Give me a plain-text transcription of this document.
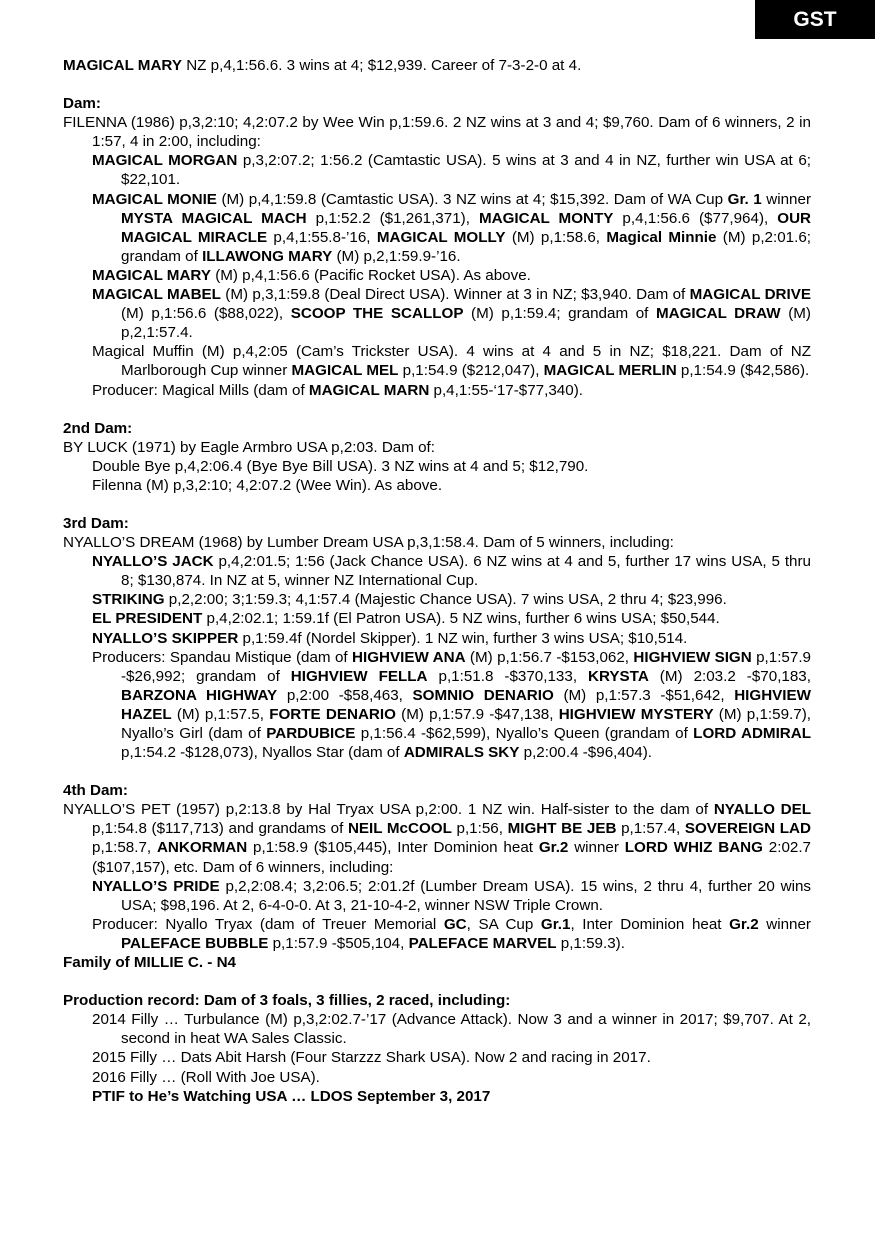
GST

MAGICAL MARY NZ p,4,1:56.6. 3 wins at 4; $12,939. Career of 7-3-2-0 at 4.

Dam:

FILENNA (1986) p,3,2:10; 4,2:07.2 by Wee Win p,1:59.6. 2 NZ wins at 3 and 4; $9,760. Dam of 6 winners, 2 in 1:57, 4 in 2:00, including:

MAGICAL MORGAN p,3,2:07.2; 1:56.2 (Camtastic USA). 5 wins at 3 and 4 in NZ, further win USA at 6; $22,101.

MAGICAL MONIE (M) p,4,1:59.8 (Camtastic USA). 3 NZ wins at 4; $15,392. Dam of WA Cup Gr. 1 winner MYSTA MAGICAL MACH p,1:52.2 ($1,261,371), MAGICAL MONTY p,4,1:56.6 ($77,964), OUR MAGICAL MIRACLE p,4,1:55.8-’16, MAGICAL MOLLY (M) p,1:58.6, Magical Minnie (M) p,2:01.6; grandam of ILLAWONG MARY (M) p,2,1:59.9-’16.

MAGICAL MARY (M) p,4,1:56.6 (Pacific Rocket USA). As above.

MAGICAL MABEL (M) p,3,1:59.8 (Deal Direct USA). Winner at 3 in NZ; $3,940. Dam of MAGICAL DRIVE (M) p,1:56.6 ($88,022), SCOOP THE SCALLOP (M) p,1:59.4; grandam of MAGICAL DRAW (M) p,2,1:57.4.

Magical Muffin (M) p,4,2:05 (Cam’s Trickster USA). 4 wins at 4 and 5 in NZ; $18,221. Dam of NZ Marlborough Cup winner MAGICAL MEL p,1:54.9 ($212,047), MAGICAL MERLIN p,1:54.9 ($42,586).

Producer: Magical Mills (dam of MAGICAL MARN p,4,1:55-‘17-$77,340).

2nd Dam:

BY LUCK (1971) by Eagle Armbro USA p,2:03. Dam of:

Double Bye p,4,2:06.4 (Bye Bye Bill USA). 3 NZ wins at 4 and 5; $12,790.

Filenna (M) p,3,2:10; 4,2:07.2 (Wee Win). As above.

3rd Dam:

NYALLO’S DREAM (1968) by Lumber Dream USA p,3,1:58.4. Dam of 5 winners, including:

NYALLO’S JACK p,4,2:01.5; 1:56 (Jack Chance USA). 6 NZ wins at 4 and 5, further 17 wins USA, 5 thru 8; $130,874. In NZ at 5, winner NZ International Cup.

STRIKING p,2,2:00; 3;1:59.3; 4,1:57.4 (Majestic Chance USA). 7 wins USA, 2 thru 4; $23,996.

EL PRESIDENT p,4,2:02.1; 1:59.1f (El Patron USA). 5 NZ wins, further 6 wins USA; $50,544.

NYALLO’S SKIPPER p,1:59.4f (Nordel Skipper). 1 NZ win, further 3 wins USA; $10,514.

Producers: Spandau Mistique (dam of HIGHVIEW ANA (M) p,1:56.7 -$153,062, HIGHVIEW SIGN p,1:57.9 -$26,992; grandam of HIGHVIEW FELLA p,1:51.8 -$370,133, KRYSTA (M) 2:03.2 -$70,183, BARZONA HIGHWAY p,2:00 -$58,463, SOMNIO DENARIO (M) p,1:57.3 -$51,642, HIGHVIEW HAZEL (M) p,1:57.5, FORTE DENARIO (M) p,1:57.9 -$47,138, HIGHVIEW MYSTERY (M) p,1:59.7), Nyallo’s Girl (dam of PARDUBICE p,1:56.4 -$62,599), Nyallo’s Queen (grandam of LORD ADMIRAL p,1:54.2 -$128,073), Nyallos Star (dam of ADMIRALS SKY p,2:00.4 -$96,404).

4th Dam:

NYALLO’S PET (1957) p,2:13.8 by Hal Tryax USA p,2:00. 1 NZ win. Half-sister to the dam of NYALLO DEL p,1:54.8 ($117,713) and grandams of NEIL McCOOL p,1:56, MIGHT BE JEB p,1:57.4, SOVEREIGN LAD p,1:58.7, ANKORMAN p,1:58.9 ($105,445), Inter Dominion heat Gr.2 winner LORD WHIZ BANG 2:02.7 ($107,157), etc. Dam of 6 winners, including:

NYALLO’S PRIDE p,2,2:08.4; 3,2:06.5; 2:01.2f (Lumber Dream USA). 15 wins, 2 thru 4, further 20 wins USA; $98,196. At 2, 6-4-0-0. At 3, 21-10-4-2, winner NSW Triple Crown.

Producer: Nyallo Tryax (dam of Treuer Memorial GC, SA Cup Gr.1, Inter Dominion heat Gr.2 winner PALEFACE BUBBLE p,1:57.9 -$505,104, PALEFACE MARVEL p,1:59.3).

Family of MILLIE C. - N4

Production record: Dam of 3 foals, 3 fillies, 2 raced, including:

2014 Filly … Turbulance (M) p,3,2:02.7-’17 (Advance Attack). Now 3 and a winner in 2017; $9,707. At 2, second in heat WA Sales Classic.

2015 Filly … Dats Abit Harsh (Four Starzzz Shark USA). Now 2 and racing in 2017.

2016 Filly … (Roll With Joe USA).

PTIF to He’s Watching USA … LDOS September 3, 2017
